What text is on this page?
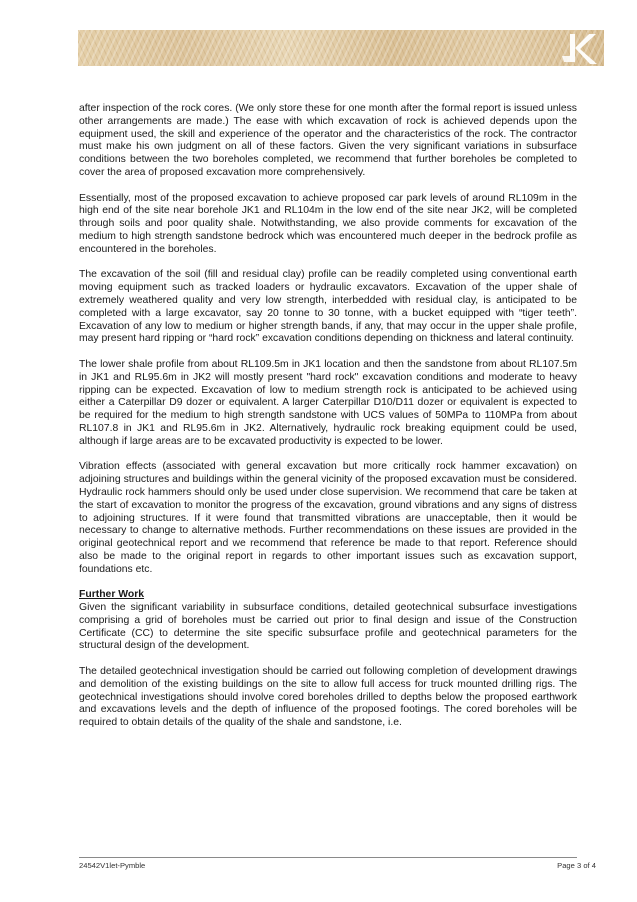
after inspection of the rock cores. (We only store these for one month after the formal report is issued unless other arrangements are made.) The ease with which excavation of rock is achieved depends upon the equipment used, the skill and experience of the operator and the characteristics of the rock. The contractor must make his own judgment on all of these factors. Given the very significant variations in subsurface conditions between the two boreholes completed, we recommend that further boreholes be completed to cover the area of proposed excavation more comprehensively.

Essentially, most of the proposed excavation to achieve proposed car park levels of around RL109m in the high end of the site near borehole JK1 and RL104m in the low end of the site near JK2, will be completed through soils and poor quality shale. Notwithstanding, we also provide comments for excavation of the medium to high strength sandstone bedrock which was encountered much deeper in the bedrock profile as encountered in the boreholes.

The excavation of the soil (fill and residual clay) profile can be readily completed using conventional earth moving equipment such as tracked loaders or hydraulic excavators. Excavation of the upper shale of extremely weathered quality and very low strength, interbedded with residual clay, is anticipated to be completed with a large excavator, say 20 tonne to 30 tonne, with a bucket equipped with “tiger teeth”. Excavation of any low to medium or higher strength bands, if any, that may occur in the upper shale profile, may present hard ripping or “hard rock” excavation conditions depending on thickness and lateral continuity.

The lower shale profile from about RL109.5m in JK1 location and then the sandstone from about RL107.5m in JK1 and RL95.6m in JK2 will mostly present "hard rock" excavation conditions and moderate to heavy ripping can be expected. Excavation of low to medium strength rock is anticipated to be achieved using either a Caterpillar D9 dozer or equivalent. A larger Caterpillar D10/D11 dozer or equivalent is expected to be required for the medium to high strength sandstone with UCS values of 50MPa to 110MPa from about RL107.8 in JK1 and RL95.6m in JK2. Alternatively, hydraulic rock breaking equipment could be used, although if large areas are to be excavated productivity is expected to be lower.

Vibration effects (associated with general excavation but more critically rock hammer excavation) on adjoining structures and buildings within the general vicinity of the proposed excavation must be considered. Hydraulic rock hammers should only be used under close supervision. We recommend that care be taken at the start of excavation to monitor the progress of the excavation, ground vibrations and any signs of distress to adjoining structures. If it were found that transmitted vibrations are unacceptable, then it would be necessary to change to alternative methods. Further recommendations on these issues are provided in the original geotechnical report and we recommend that reference be made to that report. Reference should also be made to the original report in regards to other important issues such as excavation support, foundations etc.

Further Work

Given the significant variability in subsurface conditions, detailed geotechnical subsurface investigations comprising a grid of boreholes must be carried out prior to final design and issue of the Construction Certificate (CC) to determine the site specific subsurface profile and geotechnical parameters for the structural design of the development.

The detailed geotechnical investigation should be carried out following completion of development drawings and demolition of the existing buildings on the site to allow full access for truck mounted drilling rigs. The geotechnical investigations should involve cored boreholes drilled to depths below the proposed earthwork and excavations levels and the depth of influence of the proposed footings. The cored boreholes will be required to obtain details of the quality of the shale and sandstone, i.e.

24542V1let-Pymble	Page 3 of 4
